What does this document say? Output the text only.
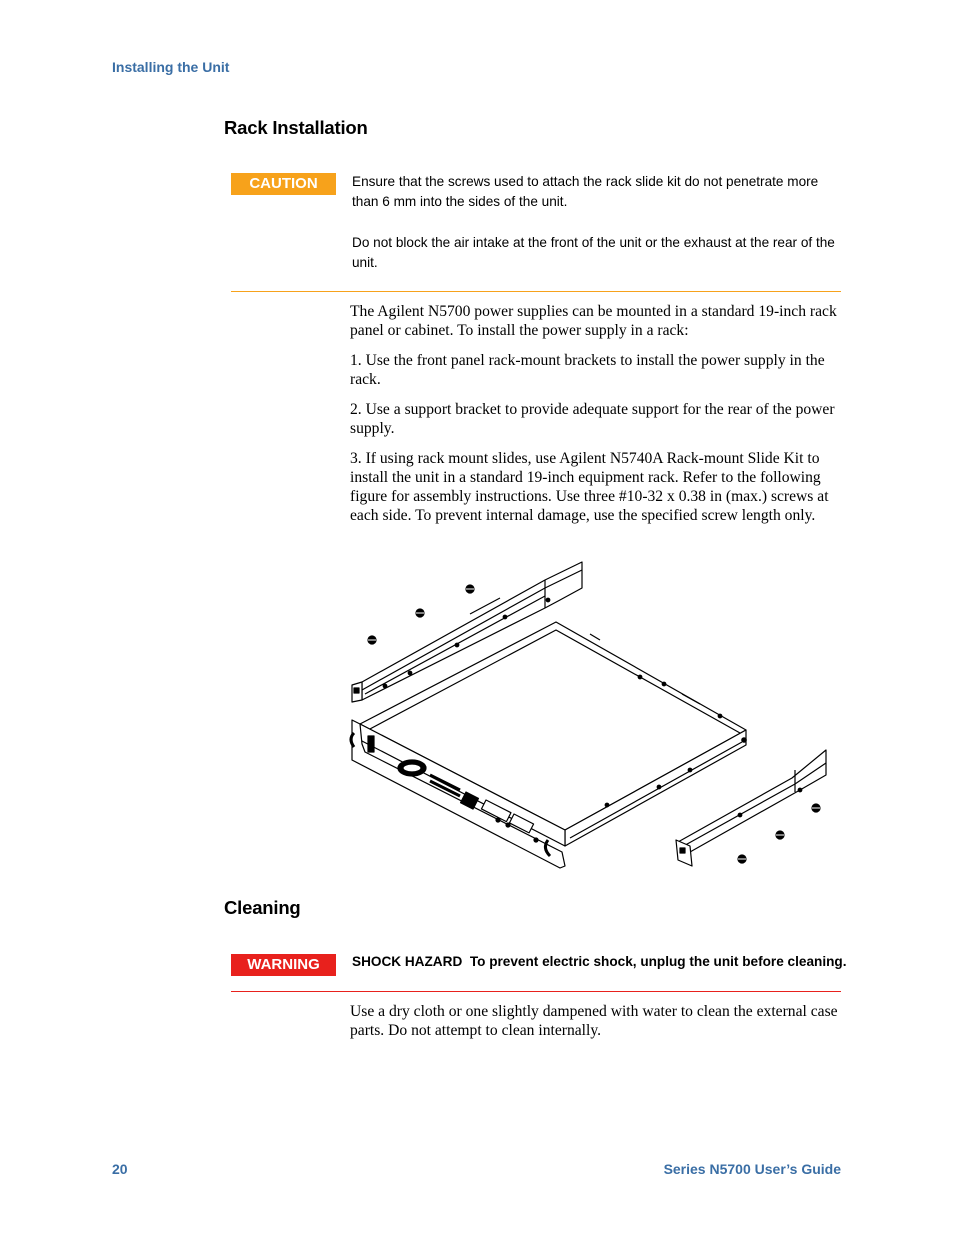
Installing the Unit
Rack Installation
CAUTION	Ensure that the screws used to attach the rack slide kit do not penetrate more than 6 mm into the sides of the unit.
Do not block the air intake at the front of the unit or the exhaust at the rear of the unit.

The Agilent N5700 power supplies can be mounted in a standard 19-inch rack panel or cabinet. To install the power supply in a rack:

1. Use the front panel rack-mount brackets to install the power supply in the rack.

2. Use a support bracket to provide adequate support for the rear of the power supply.

3. If using rack mount slides, use Agilent N5740A Rack-mount Slide Kit to install the unit in a standard 19-inch equipment rack. Refer to the following figure for assembly instructions. Use three #10-32 x 0.38 in (max.) screws at each side. To prevent internal damage, use the specified screw length only.

Cleaning
WARNING	SHOCK HAZARD To prevent electric shock, unplug the unit before cleaning.

Use a dry cloth or one slightly dampened with water to clean the external case parts. Do not attempt to clean internally.

20	Series N5700 User’s Guide
